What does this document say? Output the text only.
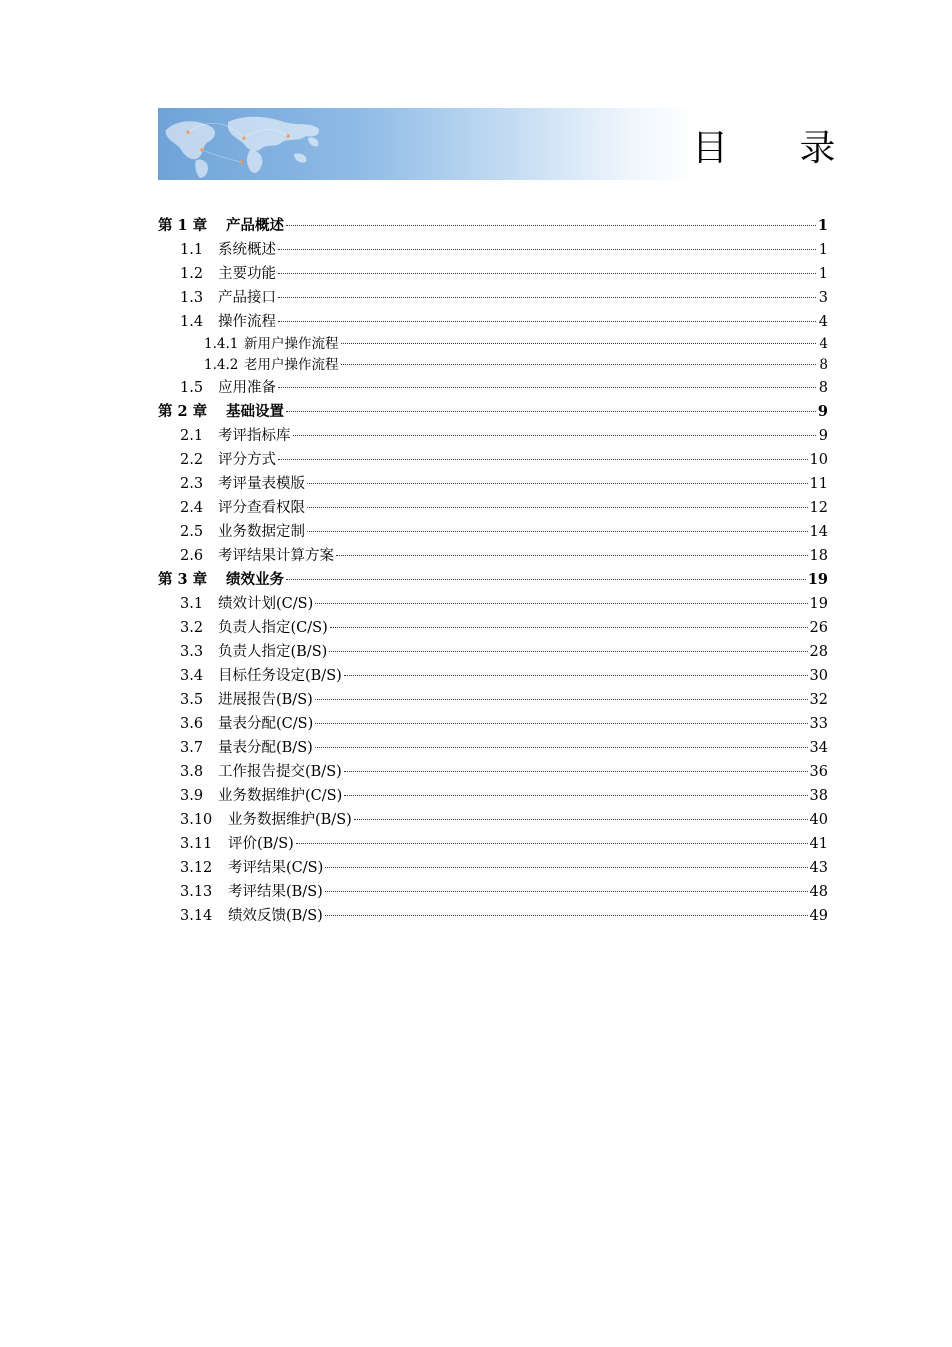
目 录
第 1 章	产品概述	1
1.1	系统概述	1
1.2	主要功能	1
1.3	产品接口	3
1.4	操作流程	4
1.4.1 新用户操作流程	4
1.4.2 老用户操作流程	8
1.5	应用准备	8
第 2 章	基础设置	9
2.1	考评指标库	9
2.2	评分方式	10
2.3	考评量表模版	11
2.4	评分查看权限	12
2.5	业务数据定制	14
2.6	考评结果计算方案	18
第 3 章	绩效业务	19
3.1	绩效计划(C/S)	19
3.2	负责人指定(C/S)	26
3.3	负责人指定(B/S)	28
3.4	目标任务设定(B/S)	30
3.5	进展报告(B/S)	32
3.6	量表分配(C/S)	33
3.7	量表分配(B/S)	34
3.8	工作报告提交(B/S)	36
3.9	业务数据维护(C/S)	38
3.10	业务数据维护(B/S)	40
3.11	评价(B/S)	41
3.12	考评结果(C/S)	43
3.13	考评结果(B/S)	48
3.14	绩效反馈(B/S)	49
